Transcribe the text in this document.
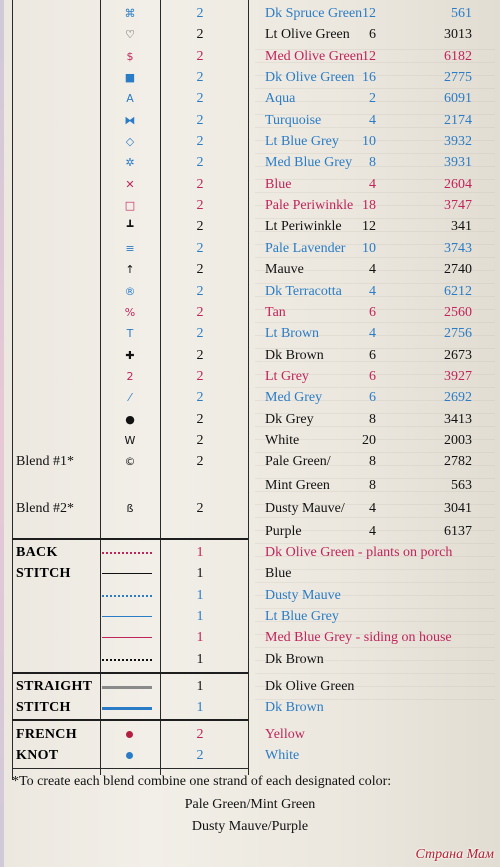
⌘	2	Dk Spruce Green 12	561
♡	2	Lt Olive Green	6	3013
$	2	Med Olive Green 12	6182
■	2	Dk Olive Green 16	2775
A	2	Aqua	2	6091
⧓	2	Turquoise	4	2174
◇	2	Lt Blue Grey	10	3932
✲	2	Med Blue Grey	8	3931
✕	2	Blue	4	2604
□	2	Pale Periwinkle 18	3747
┻	2	Lt Periwinkle	12	341
≡	2	Pale Lavender	10	3743
↑	2	Mauve	4	2740
®	2	Dk Terracotta	4	6212
%	2	Tan	6	2560
T	2	Lt Brown	4	2756
✚	2	Dk Brown	6	2673
2	2	Lt Grey	6	3927
⁄	2	Med Grey	6	2692
●	2	Dk Grey	8	3413
W	2	White	20	2003
Blend #1*	©	2	Pale Green/	8	2782
Mint Green	8	563
Blend #2*	ß	2	Dusty Mauve/	4	3041
Purple	4	6137
BACK	1	Dk Olive Green - plants on porch
STITCH	1	Blue
1	Dusty Mauve
1	Lt Blue Grey
1	Med Blue Grey - siding on house
1	Dk Brown
STRAIGHT	1	Dk Olive Green
STITCH	1	Dk Brown
FRENCH	2	Yellow
KNOT	2	White
*To create each blend combine one strand of each designated color:
Pale Green/Mint Green
Dusty Mauve/Purple
Страна Мам
